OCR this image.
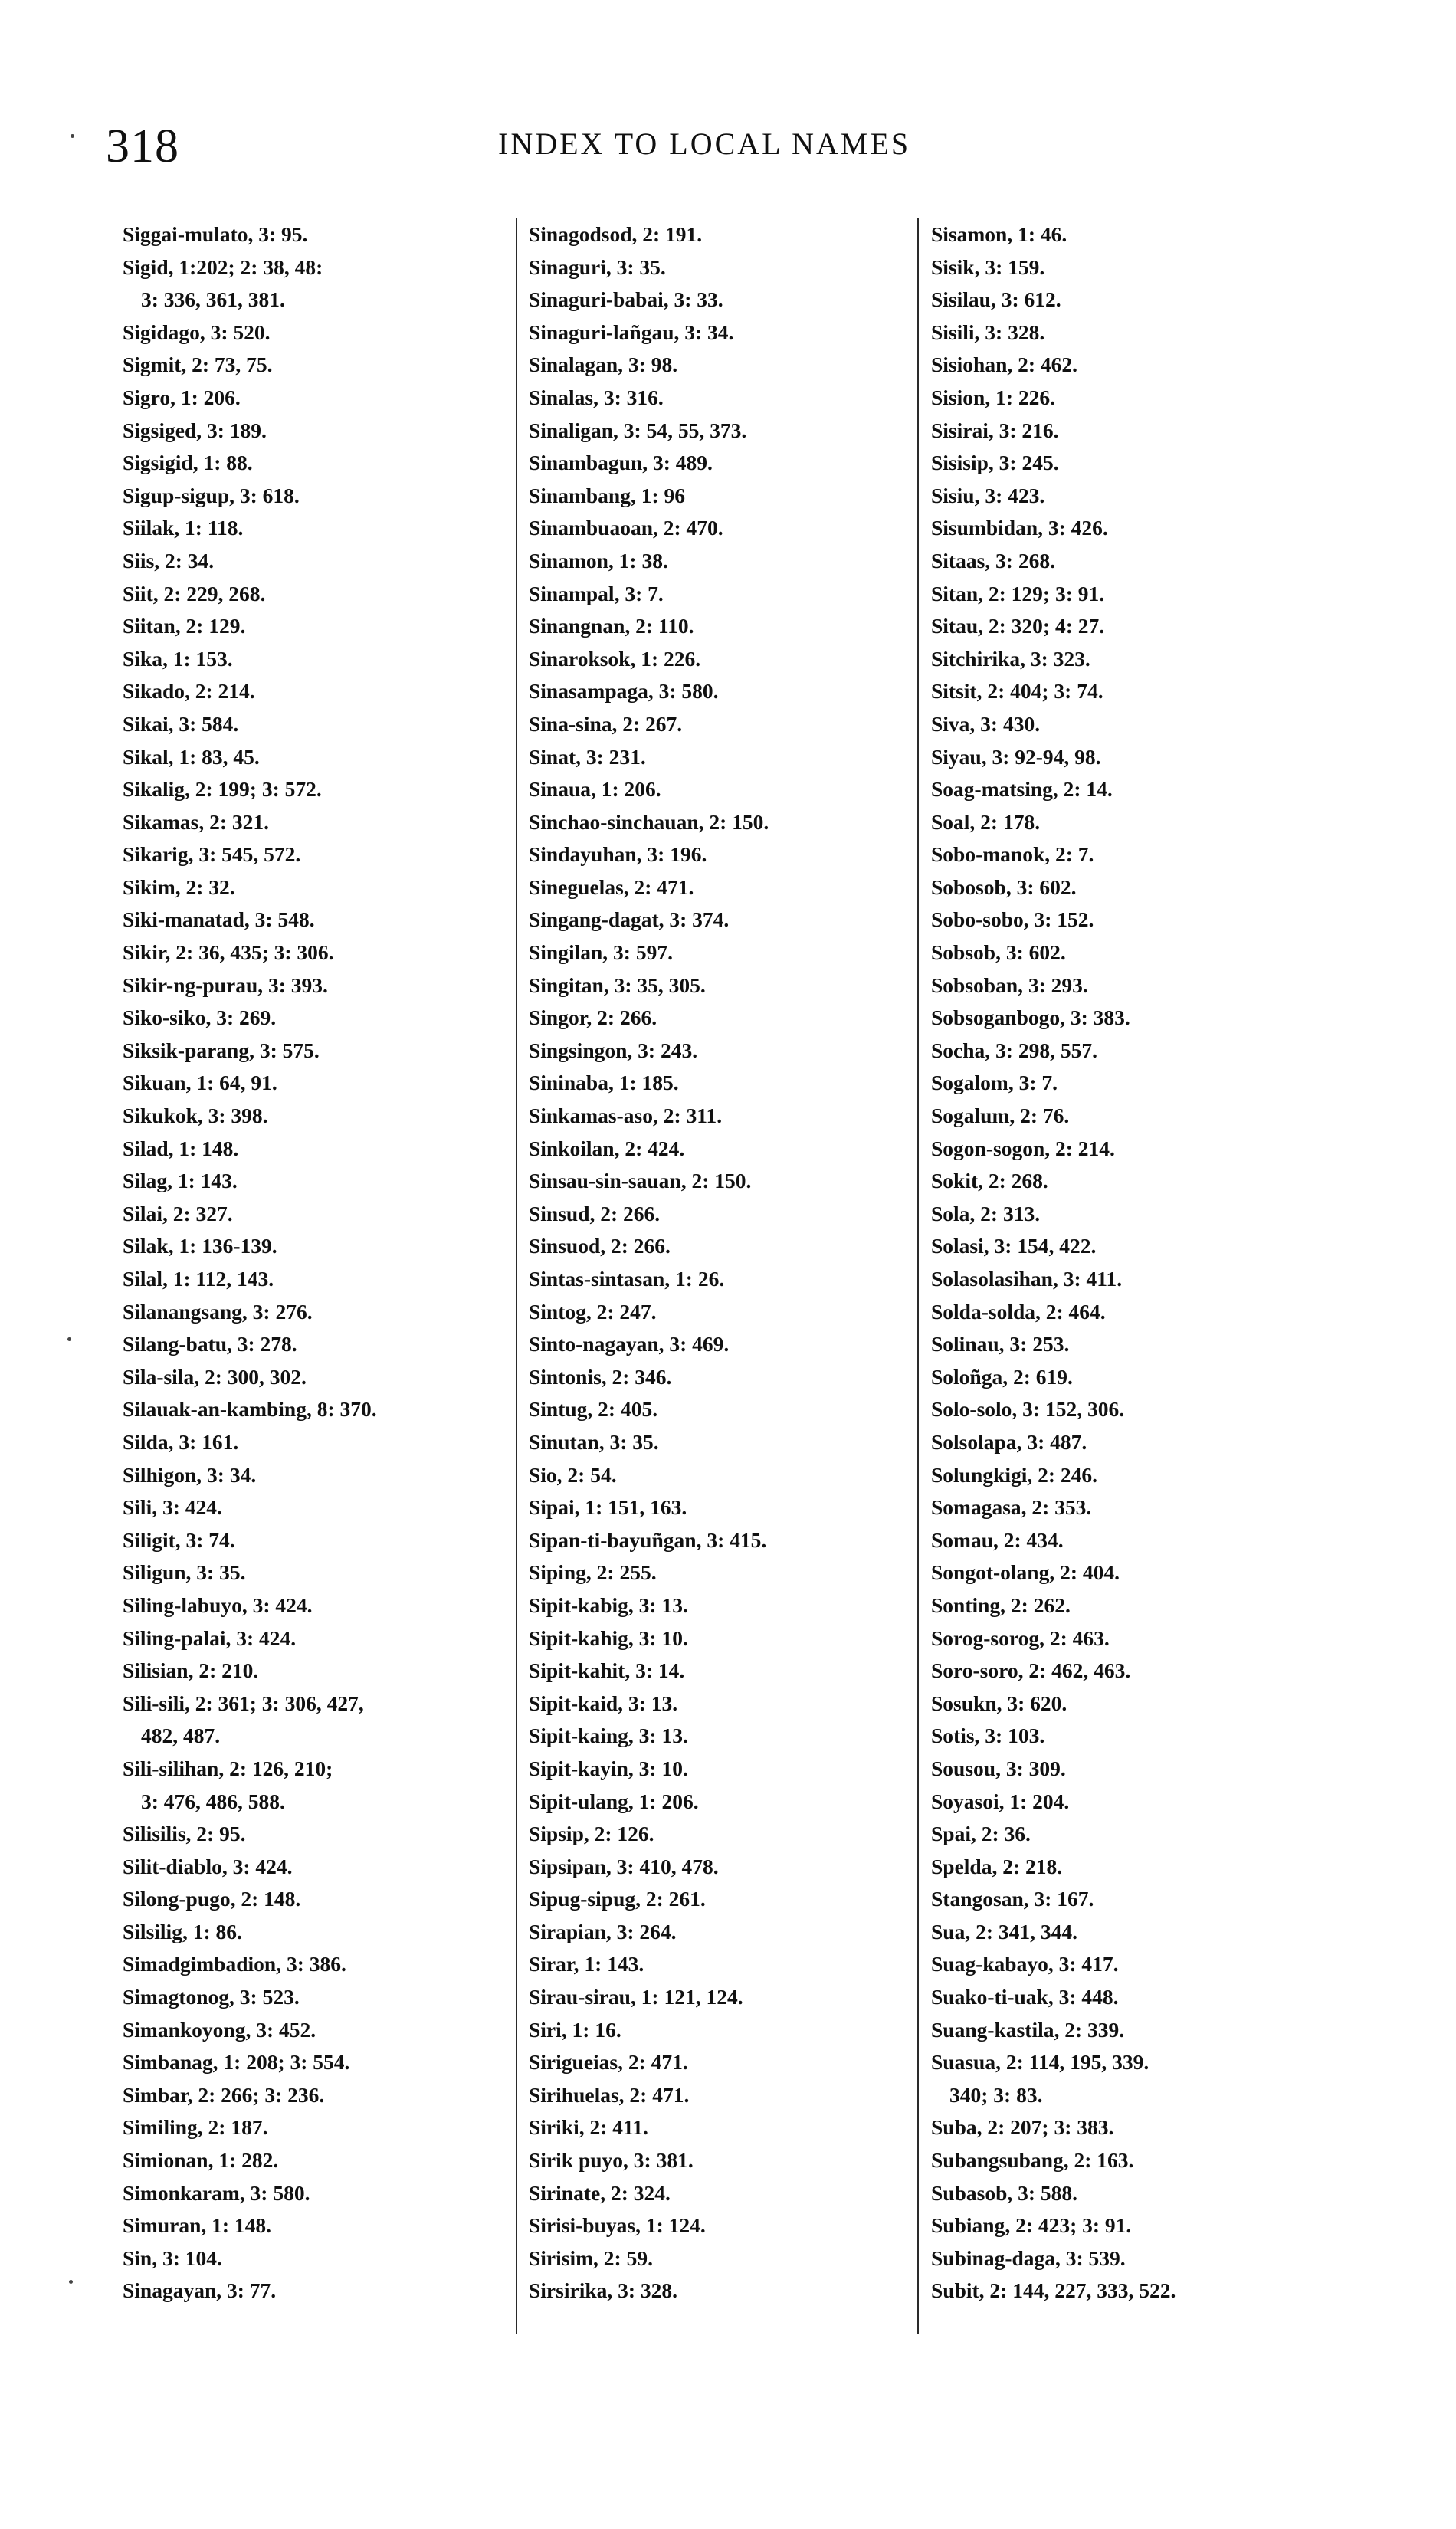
318	INDEX TO LOCAL NAMES
Siggai-mulato, 3: 95.
Sigid, 1:202; 2: 38, 48:
3: 336, 361, 381.
Sigidago, 3: 520.
Sigmit, 2: 73, 75.
Sigro, 1: 206.
Sigsiged, 3: 189.
Sigsigid, 1: 88.
Sigup-sigup, 3: 618.
Siilak, 1: 118.
Siis, 2: 34.
Siit, 2: 229, 268.
Siitan, 2: 129.
Sika, 1: 153.
Sikado, 2: 214.
Sikai, 3: 584.
Sikal, 1: 83, 45.
Sikalig, 2: 199; 3: 572.
Sikamas, 2: 321.
Sikarig, 3: 545, 572.
Sikim, 2: 32.
Siki-manatad, 3: 548.
Sikir, 2: 36, 435; 3: 306.
Sikir-ng-purau, 3: 393.
Siko-siko, 3: 269.
Siksik-parang, 3: 575.
Sikuan, 1: 64, 91.
Sikukok, 3: 398.
Silad, 1: 148.
Silag, 1: 143.
Silai, 2: 327.
Silak, 1: 136-139.
Silal, 1: 112, 143.
Silanangsang, 3: 276.
Silang-batu, 3: 278.
Sila-sila, 2: 300, 302.
Silauak-an-kambing, 8: 370.
Silda, 3: 161.
Silhigon, 3: 34.
Sili, 3: 424.
Siligit, 3: 74.
Siligun, 3: 35.
Siling-labuyo, 3: 424.
Siling-palai, 3: 424.
Silisian, 2: 210.
Sili-sili, 2: 361; 3: 306, 427,
482, 487.
Sili-silihan, 2: 126, 210;
3: 476, 486, 588.
Silisilis, 2: 95.
Silit-diablo, 3: 424.
Silong-pugo, 2: 148.
Silsilig, 1: 86.
Simadgimbadion, 3: 386.
Simagtonog, 3: 523.
Simankoyong, 3: 452.
Simbanag, 1: 208; 3: 554.
Simbar, 2: 266; 3: 236.
Similing, 2: 187.
Simionan, 1: 282.
Simonkaram, 3: 580.
Simuran, 1: 148.
Sin, 3: 104.
Sinagayan, 3: 77.
Sinagodsod, 2: 191.
Sinaguri, 3: 35.
Sinaguri-babai, 3: 33.
Sinaguri-lañgau, 3: 34.
Sinalagan, 3: 98.
Sinalas, 3: 316.
Sinaligan, 3: 54, 55, 373.
Sinambagun, 3: 489.
Sinambang, 1: 96
Sinambuaoan, 2: 470.
Sinamon, 1: 38.
Sinampal, 3: 7.
Sinangnan, 2: 110.
Sinaroksok, 1: 226.
Sinasampaga, 3: 580.
Sina-sina, 2: 267.
Sinat, 3: 231.
Sinaua, 1: 206.
Sinchao-sinchauan, 2: 150.
Sindayuhan, 3: 196.
Sineguelas, 2: 471.
Singang-dagat, 3: 374.
Singilan, 3: 597.
Singitan, 3: 35, 305.
Singor, 2: 266.
Singsingon, 3: 243.
Sininaba, 1: 185.
Sinkamas-aso, 2: 311.
Sinkoilan, 2: 424.
Sinsau-sin-sauan, 2: 150.
Sinsud, 2: 266.
Sinsuod, 2: 266.
Sintas-sintasan, 1: 26.
Sintog, 2: 247.
Sinto-nagayan, 3: 469.
Sintonis, 2: 346.
Sintug, 2: 405.
Sinutan, 3: 35.
Sio, 2: 54.
Sipai, 1: 151, 163.
Sipan-ti-bayuñgan, 3: 415.
Siping, 2: 255.
Sipit-kabig, 3: 13.
Sipit-kahig, 3: 10.
Sipit-kahit, 3: 14.
Sipit-kaid, 3: 13.
Sipit-kaing, 3: 13.
Sipit-kayin, 3: 10.
Sipit-ulang, 1: 206.
Sipsip, 2: 126.
Sipsipan, 3: 410, 478.
Sipug-sipug, 2: 261.
Sirapian, 3: 264.
Sirar, 1: 143.
Sirau-sirau, 1: 121, 124.
Siri, 1: 16.
Sirigueias, 2: 471.
Sirihuelas, 2: 471.
Siriki, 2: 411.
Sirik puyo, 3: 381.
Sirinate, 2: 324.
Sirisi-buyas, 1: 124.
Sirisim, 2: 59.
Sirsirika, 3: 328.
Sisamon, 1: 46.
Sisik, 3: 159.
Sisilau, 3: 612.
Sisili, 3: 328.
Sisiohan, 2: 462.
Sision, 1: 226.
Sisirai, 3: 216.
Sisisip, 3: 245.
Sisiu, 3: 423.
Sisumbidan, 3: 426.
Sitaas, 3: 268.
Sitan, 2: 129; 3: 91.
Sitau, 2: 320; 4: 27.
Sitchirika, 3: 323.
Sitsit, 2: 404; 3: 74.
Siva, 3: 430.
Siyau, 3: 92-94, 98.
Soag-matsing, 2: 14.
Soal, 2: 178.
Sobo-manok, 2: 7.
Sobosob, 3: 602.
Sobo-sobo, 3: 152.
Sobsob, 3: 602.
Sobsoban, 3: 293.
Sobsoganbogo, 3: 383.
Socha, 3: 298, 557.
Sogalom, 3: 7.
Sogalum, 2: 76.
Sogon-sogon, 2: 214.
Sokit, 2: 268.
Sola, 2: 313.
Solasi, 3: 154, 422.
Solasolasihan, 3: 411.
Solda-solda, 2: 464.
Solinau, 3: 253.
Soloñga, 2: 619.
Solo-solo, 3: 152, 306.
Solsolapa, 3: 487.
Solungkigi, 2: 246.
Somagasa, 2: 353.
Somau, 2: 434.
Songot-olang, 2: 404.
Sonting, 2: 262.
Sorog-sorog, 2: 463.
Soro-soro, 2: 462, 463.
Sosukn, 3: 620.
Sotis, 3: 103.
Sousou, 3: 309.
Soyasoi, 1: 204.
Spai, 2: 36.
Spelda, 2: 218.
Stangosan, 3: 167.
Sua, 2: 341, 344.
Suag-kabayo, 3: 417.
Suako-ti-uak, 3: 448.
Suang-kastila, 2: 339.
Suasua, 2: 114, 195, 339.
340; 3: 83.
Suba, 2: 207; 3: 383.
Subangsubang, 2: 163.
Subasob, 3: 588.
Subiang, 2: 423; 3: 91.
Subinag-daga, 3: 539.
Subit, 2: 144, 227, 333, 522.
